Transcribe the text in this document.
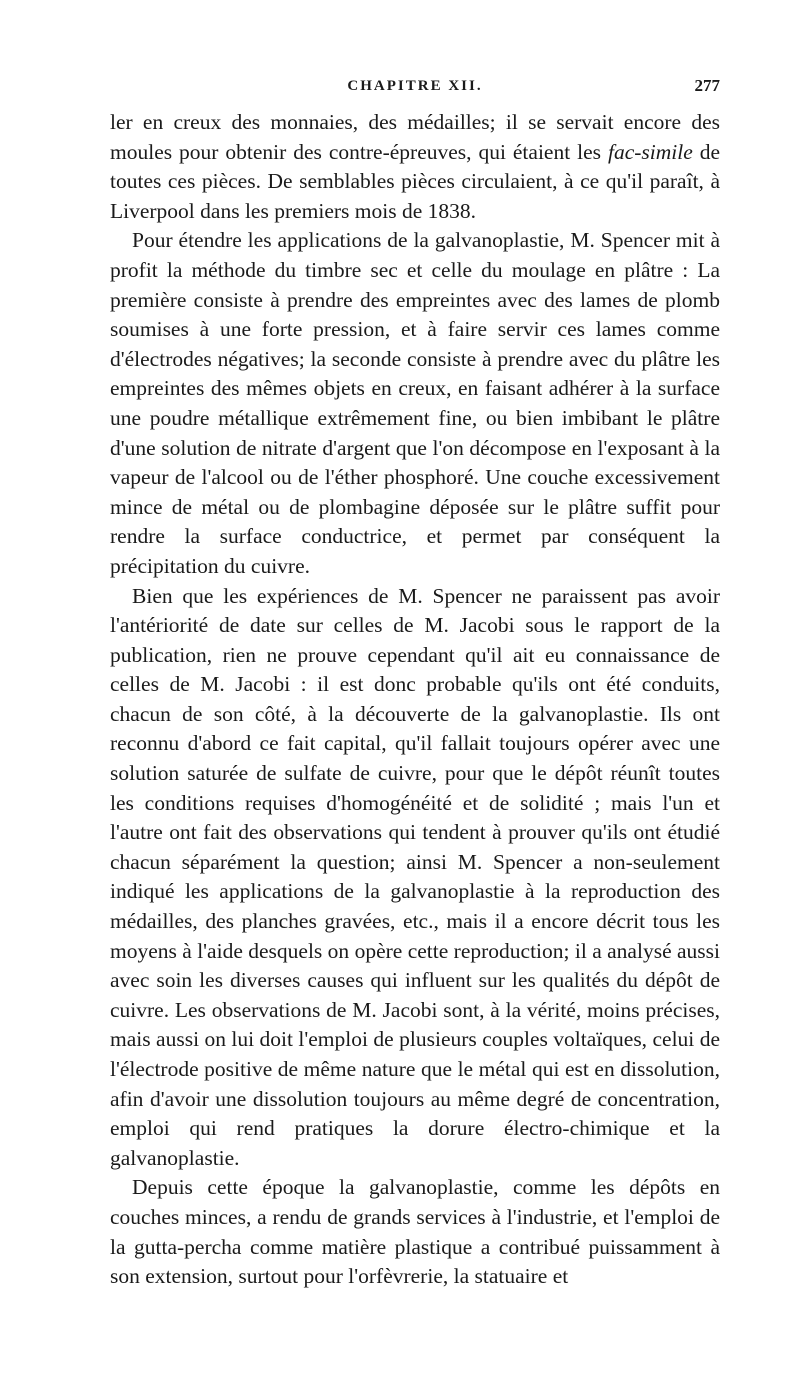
CHAPITRE XII.	277

ler en creux des monnaies, des médailles; il se servait encore des moules pour obtenir des contre-épreuves, qui étaient les fac-simile de toutes ces pièces. De semblables pièces circulaient, à ce qu'il paraît, à Liverpool dans les premiers mois de 1838.

Pour étendre les applications de la galvanoplastie, M. Spencer mit à profit la méthode du timbre sec et celle du moulage en plâtre : La première consiste à prendre des empreintes avec des lames de plomb soumises à une forte pression, et à faire servir ces lames comme d'électrodes négatives; la seconde consiste à prendre avec du plâtre les empreintes des mêmes objets en creux, en faisant adhérer à la surface une poudre métallique extrêmement fine, ou bien imbibant le plâtre d'une solution de nitrate d'argent que l'on décompose en l'exposant à la vapeur de l'alcool ou de l'éther phosphoré. Une couche excessivement mince de métal ou de plombagine déposée sur le plâtre suffit pour rendre la surface conductrice, et permet par conséquent la précipitation du cuivre.

Bien que les expériences de M. Spencer ne paraissent pas avoir l'antériorité de date sur celles de M. Jacobi sous le rapport de la publication, rien ne prouve cependant qu'il ait eu connaissance de celles de M. Jacobi : il est donc probable qu'ils ont été conduits, chacun de son côté, à la découverte de la galvanoplastie. Ils ont reconnu d'abord ce fait capital, qu'il fallait toujours opérer avec une solution saturée de sulfate de cuivre, pour que le dépôt réunît toutes les conditions requises d'homogénéité et de solidité ; mais l'un et l'autre ont fait des observations qui tendent à prouver qu'ils ont étudié chacun séparément la question; ainsi M. Spencer a non-seulement indiqué les applications de la galvanoplastie à la reproduction des médailles, des planches gravées, etc., mais il a encore décrit tous les moyens à l'aide desquels on opère cette reproduction; il a analysé aussi avec soin les diverses causes qui influent sur les qualités du dépôt de cuivre. Les observations de M. Jacobi sont, à la vérité, moins précises, mais aussi on lui doit l'emploi de plusieurs couples voltaïques, celui de l'électrode positive de même nature que le métal qui est en dissolution, afin d'avoir une dissolution toujours au même degré de concentration, emploi qui rend pratiques la dorure électro-chimique et la galvanoplastie.

Depuis cette époque la galvanoplastie, comme les dépôts en couches minces, a rendu de grands services à l'industrie, et l'emploi de la gutta-percha comme matière plastique a contribué puissamment à son extension, surtout pour l'orfèvrerie, la statuaire et
